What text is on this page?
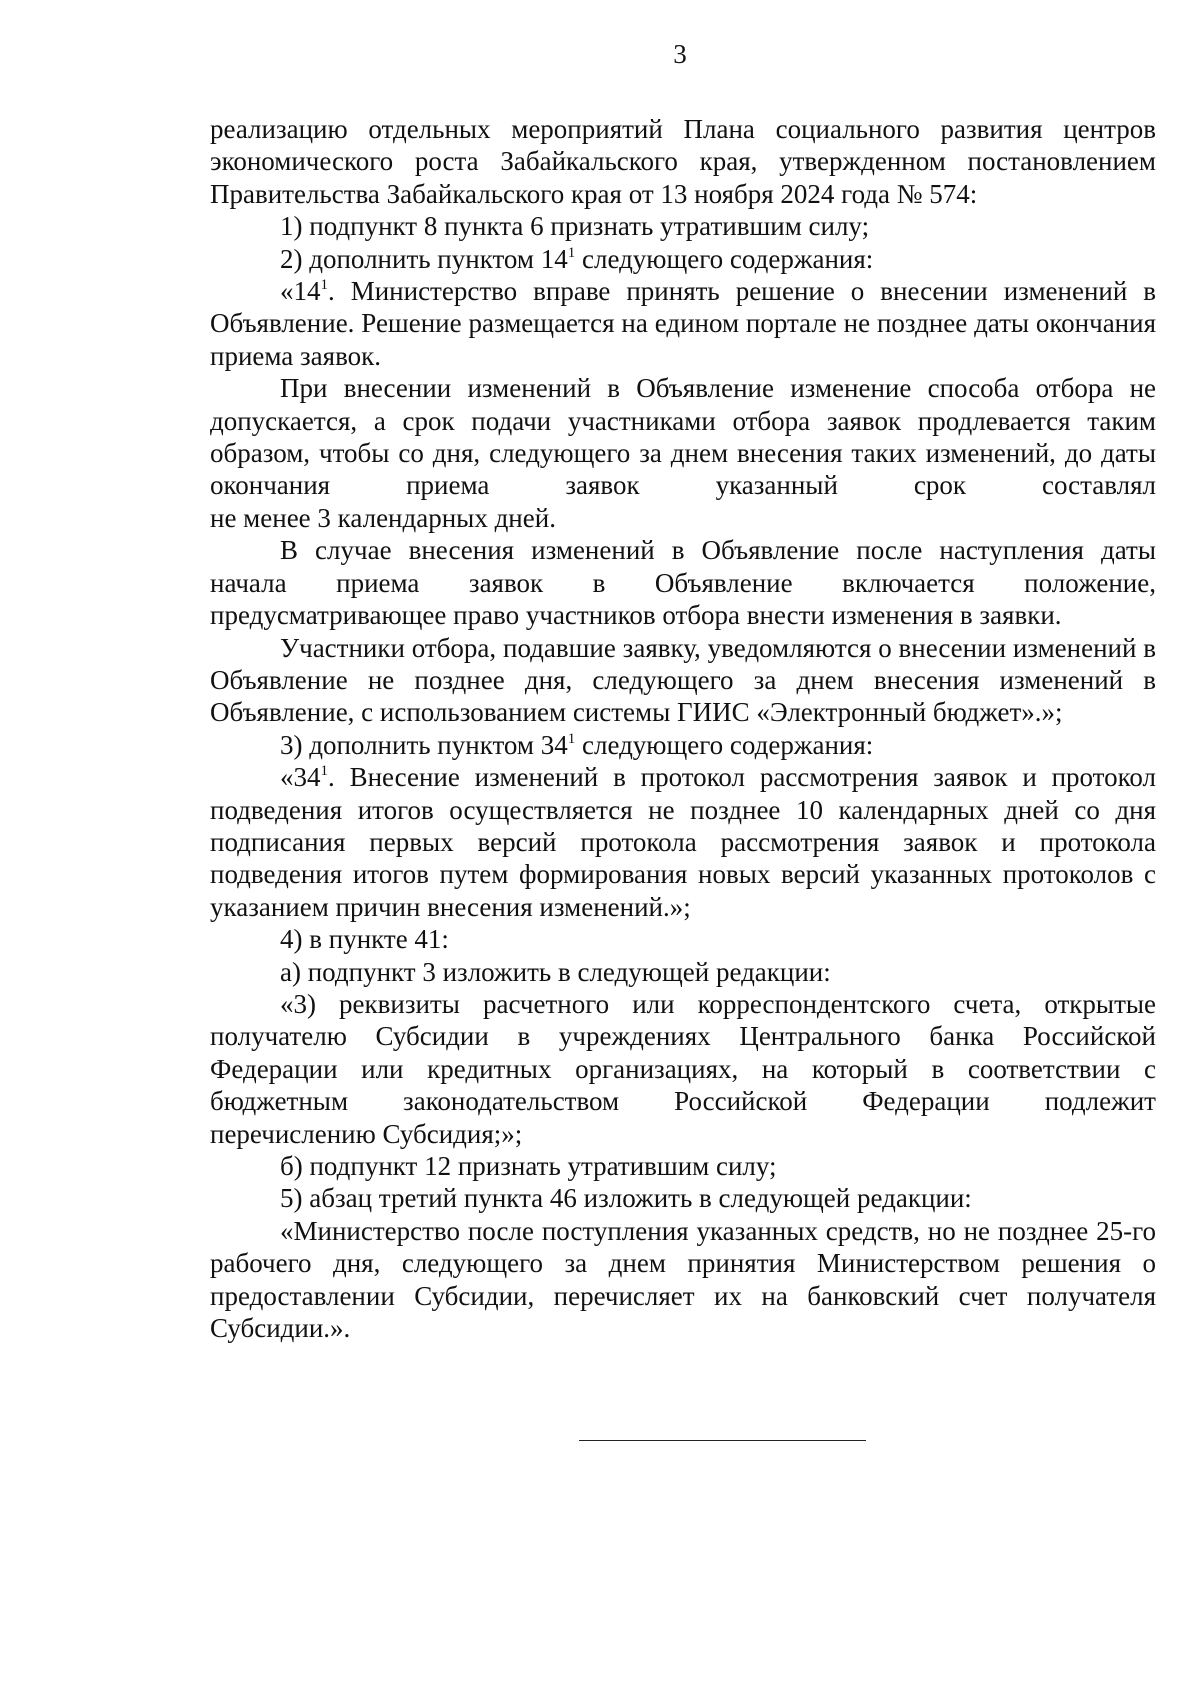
3

реализацию отдельных мероприятий Плана социального развития центров экономического роста Забайкальского края, утвержденном постановлением Правительства Забайкальского края от 13 ноября 2024 года № 574:

1) подпункт 8 пункта 6 признать утратившим силу;

2) дополнить пунктом $14^1$ следующего содержания:

«$14^1$. Министерство вправе принять решение о внесении изменений в Объявление. Решение размещается на едином портале не позднее даты окончания приема заявок.

При внесении изменений в Объявление изменение способа отбора не допускается, а срок подачи участниками отбора заявок продлевается таким образом, чтобы со дня, следующего за днем внесения таких изменений, до даты окончания приема заявок указанный срок составлял

не менее 3 календарных дней.

В случае внесения изменений в Объявление после наступления даты начала приема заявок в Объявление включается положение,

предусматривающее право участников отбора внести изменения в заявки.

Участники отбора, подавшие заявку, уведомляются о внесении изменений в Объявление не позднее дня, следующего за днем внесения изменений в Объявление, с использованием системы ГИИС «Электронный бюджет».»;

3) дополнить пунктом $34^1$ следующего содержания:

«$34^1$. Внесение изменений в протокол рассмотрения заявок и протокол подведения итогов осуществляется не позднее 10 календарных дней со дня подписания первых версий протокола рассмотрения заявок и протокола подведения итогов путем формирования новых версий указанных протоколов с указанием причин внесения изменений.»;

4) в пункте 41:

а) подпункт 3 изложить в следующей редакции:

«3) реквизиты расчетного или корреспондентского счета, открытые получателю Субсидии в учреждениях Центрального банка Российской Федерации или кредитных организациях, на который в соответствии с бюджетным законодательством Российской Федерации подлежит

перечислению Субсидия;»;

б) подпункт 12 признать утратившим силу;

5) абзац третий пункта 46 изложить в следующей редакции:

«Министерство после поступления указанных средств, но не позднее 25-го рабочего дня, следующего за днем принятия Министерством решения о предоставлении Субсидии, перечисляет их на банковский счет получателя Субсидии.».
